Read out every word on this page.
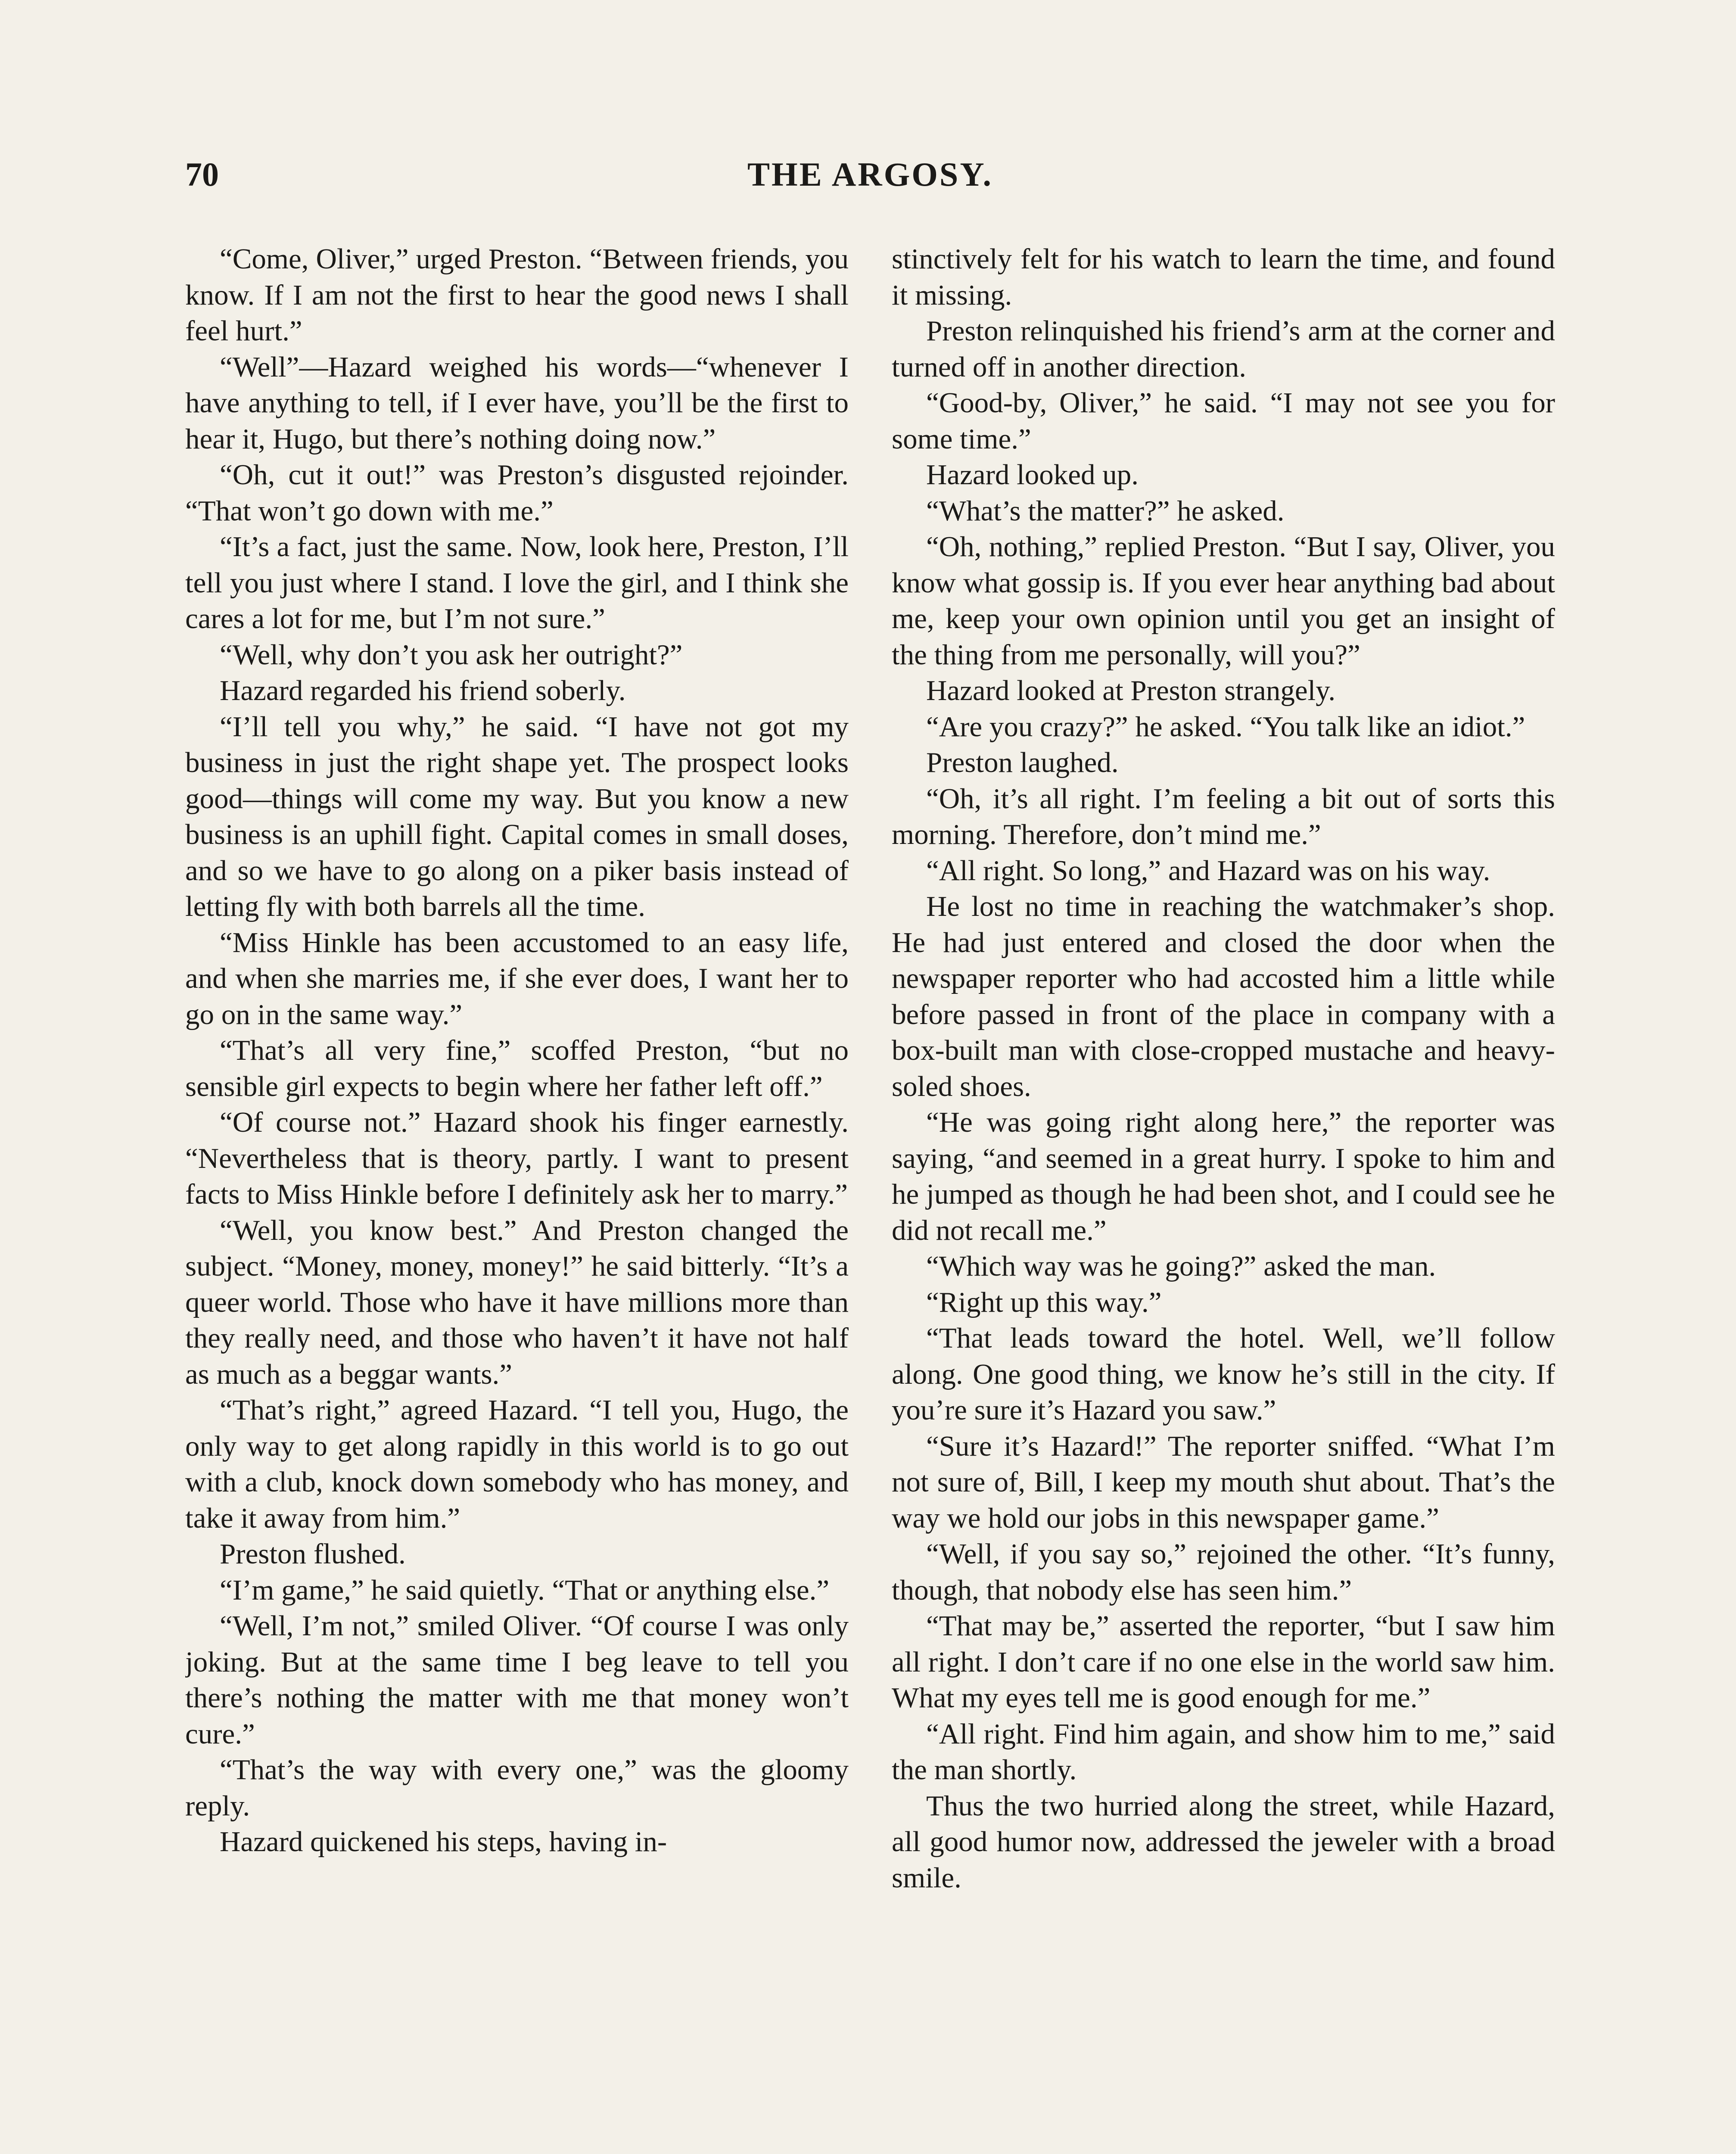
70	THE ARGOSY.

“Come, Oliver,” urged Preston. “Between friends, you know. If I am not the first to hear the good news I shall feel hurt.”

“Well”—Hazard weighed his words—“whenever I have anything to tell, if I ever have, you’ll be the first to hear it, Hugo, but there’s nothing doing now.”

“Oh, cut it out!” was Preston’s disgusted rejoinder. “That won’t go down with me.”

“It’s a fact, just the same. Now, look here, Preston, I’ll tell you just where I stand. I love the girl, and I think she cares a lot for me, but I’m not sure.”

“Well, why don’t you ask her outright?”

Hazard regarded his friend soberly.

“I’ll tell you why,” he said. “I have not got my business in just the right shape yet. The prospect looks good—things will come my way. But you know a new business is an uphill fight. Capital comes in small doses, and so we have to go along on a piker basis instead of letting fly with both barrels all the time.

“Miss Hinkle has been accustomed to an easy life, and when she marries me, if she ever does, I want her to go on in the same way.”

“That’s all very fine,” scoffed Preston, “but no sensible girl expects to begin where her father left off.”

“Of course not.” Hazard shook his finger earnestly. “Nevertheless that is theory, partly. I want to present facts to Miss Hinkle before I definitely ask her to marry.”

“Well, you know best.” And Preston changed the subject. “Money, money, money!” he said bitterly. “It’s a queer world. Those who have it have millions more than they really need, and those who haven’t it have not half as much as a beggar wants.”

“That’s right,” agreed Hazard. “I tell you, Hugo, the only way to get along rapidly in this world is to go out with a club, knock down somebody who has money, and take it away from him.”

Preston flushed.

“I’m game,” he said quietly. “That or anything else.”

“Well, I’m not,” smiled Oliver. “Of course I was only joking. But at the same time I beg leave to tell you there’s nothing the matter with me that money won’t cure.”

“That’s the way with every one,” was the gloomy reply.

Hazard quickened his steps, having in-

stinctively felt for his watch to learn the time, and found it missing.

Preston relinquished his friend’s arm at the corner and turned off in another direction.

“Good-by, Oliver,” he said. “I may not see you for some time.”

Hazard looked up.

“What’s the matter?” he asked.

“Oh, nothing,” replied Preston. “But I say, Oliver, you know what gossip is. If you ever hear anything bad about me, keep your own opinion until you get an insight of the thing from me personally, will you?”

Hazard looked at Preston strangely.

“Are you crazy?” he asked. “You talk like an idiot.”

Preston laughed.

“Oh, it’s all right. I’m feeling a bit out of sorts this morning. Therefore, don’t mind me.”

“All right. So long,” and Hazard was on his way.

He lost no time in reaching the watchmaker’s shop. He had just entered and closed the door when the newspaper reporter who had accosted him a little while before passed in front of the place in company with a box-built man with close-cropped mustache and heavy-soled shoes.

“He was going right along here,” the reporter was saying, “and seemed in a great hurry. I spoke to him and he jumped as though he had been shot, and I could see he did not recall me.”

“Which way was he going?” asked the man.

“Right up this way.”

“That leads toward the hotel. Well, we’ll follow along. One good thing, we know he’s still in the city. If you’re sure it’s Hazard you saw.”

“Sure it’s Hazard!” The reporter sniffed. “What I’m not sure of, Bill, I keep my mouth shut about. That’s the way we hold our jobs in this newspaper game.”

“Well, if you say so,” rejoined the other. “It’s funny, though, that nobody else has seen him.”

“That may be,” asserted the reporter, “but I saw him all right. I don’t care if no one else in the world saw him. What my eyes tell me is good enough for me.”

“All right. Find him again, and show him to me,” said the man shortly.

Thus the two hurried along the street, while Hazard, all good humor now, addressed the jeweler with a broad smile.
